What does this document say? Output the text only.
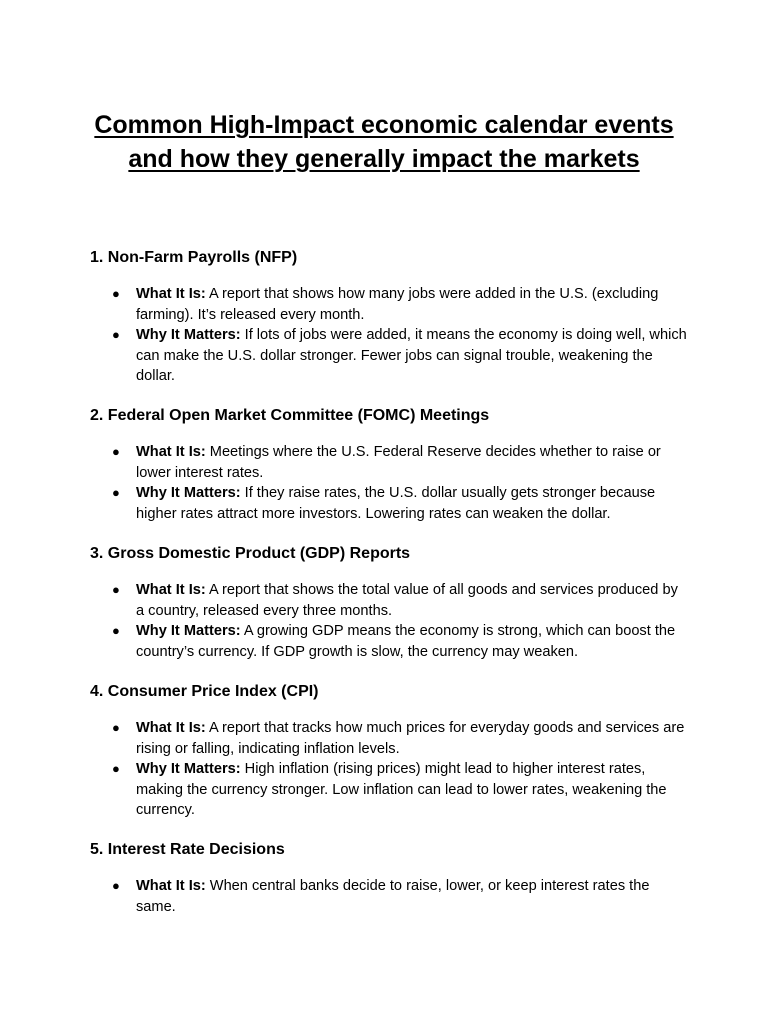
Common High-Impact economic calendar events
and how they generally impact the markets
1. Non-Farm Payrolls (NFP)
● What It Is: A report that shows how many jobs were added in the U.S. (excluding farming). It’s released every month.
● Why It Matters: If lots of jobs were added, it means the economy is doing well, which can make the U.S. dollar stronger. Fewer jobs can signal trouble, weakening the dollar.
2. Federal Open Market Committee (FOMC) Meetings
● What It Is: Meetings where the U.S. Federal Reserve decides whether to raise or lower interest rates.
● Why It Matters: If they raise rates, the U.S. dollar usually gets stronger because higher rates attract more investors. Lowering rates can weaken the dollar.
3. Gross Domestic Product (GDP) Reports
● What It Is: A report that shows the total value of all goods and services produced by a country, released every three months.
● Why It Matters: A growing GDP means the economy is strong, which can boost the country’s currency. If GDP growth is slow, the currency may weaken.
4. Consumer Price Index (CPI)
● What It Is: A report that tracks how much prices for everyday goods and services are rising or falling, indicating inflation levels.
● Why It Matters: High inflation (rising prices) might lead to higher interest rates, making the currency stronger. Low inflation can lead to lower rates, weakening the currency.
5. Interest Rate Decisions
● What It Is: When central banks decide to raise, lower, or keep interest rates the same.
